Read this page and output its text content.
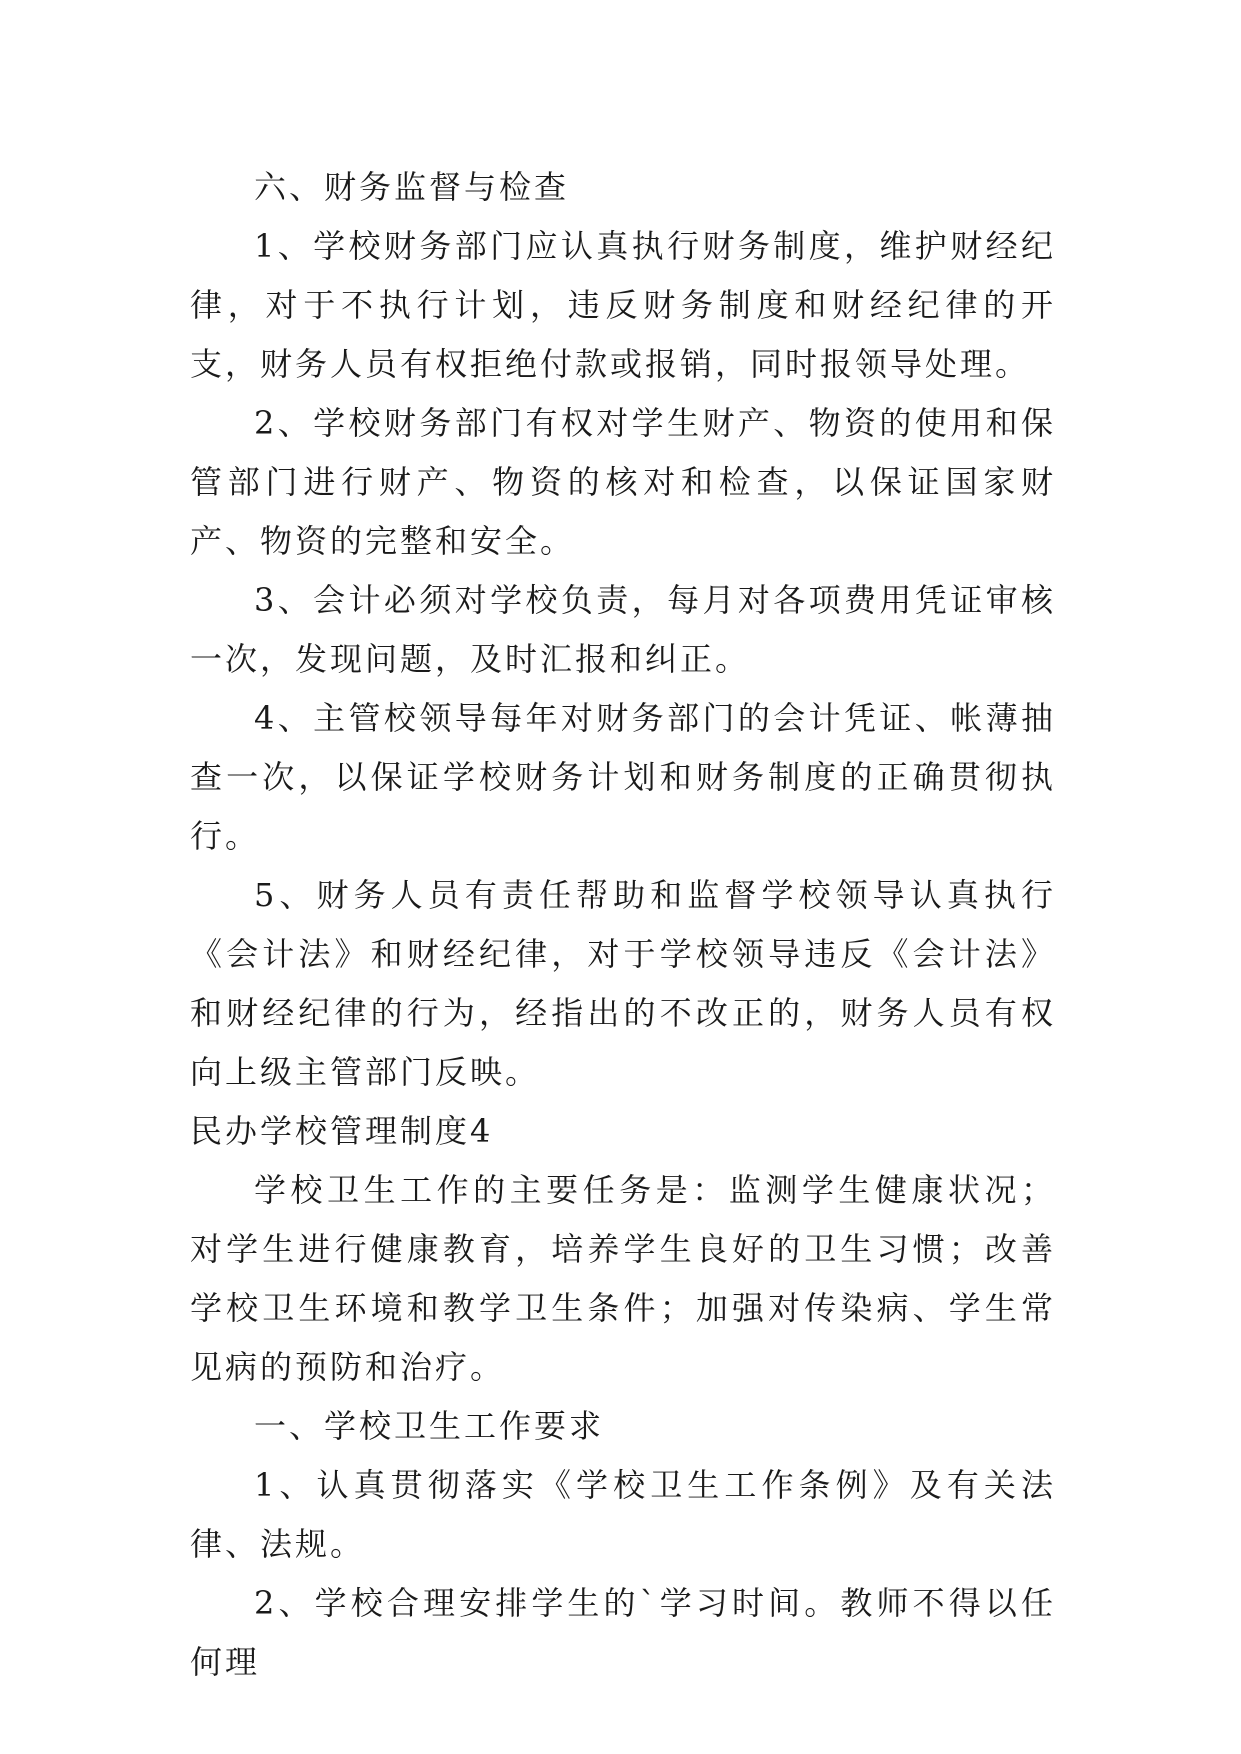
六、财务监督与检查

1、学校财务部门应认真执行财务制度，维护财经纪律，对于不执行计划，违反财务制度和财经纪律的开支，财务人员有权拒绝付款或报销，同时报领导处理。

2、学校财务部门有权对学生财产、物资的使用和保管部门进行财产、物资的核对和检查，以保证国家财产、物资的完整和安全。

3、会计必须对学校负责，每月对各项费用凭证审核一次，发现问题，及时汇报和纠正。

4、主管校领导每年对财务部门的会计凭证、帐薄抽查一次，以保证学校财务计划和财务制度的正确贯彻执行。

5、财务人员有责任帮助和监督学校领导认真执行《会计法》和财经纪律，对于学校领导违反《会计法》和财经纪律的行为，经指出的不改正的，财务人员有权向上级主管部门反映。

民办学校管理制度4

学校卫生工作的主要任务是：监测学生健康状况；对学生进行健康教育，培养学生良好的卫生习惯；改善学校卫生环境和教学卫生条件；加强对传染病、学生常见病的预防和治疗。

一、学校卫生工作要求

1、认真贯彻落实《学校卫生工作条例》及有关法律、法规。

2、学校合理安排学生的`学习时间。教师不得以任何理
